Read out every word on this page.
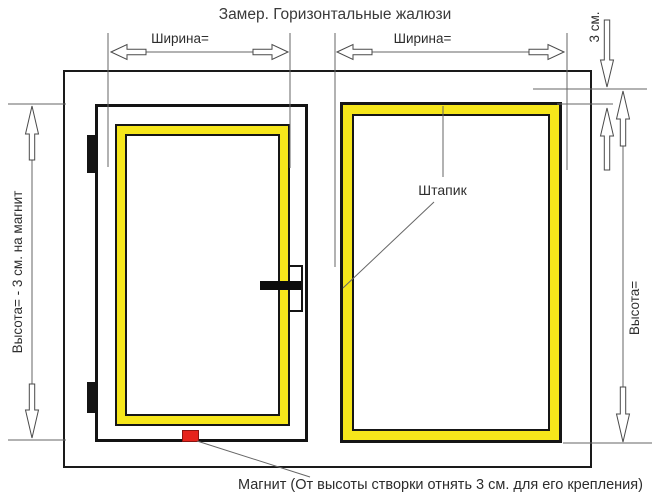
Замер. Горизонтальные жалюзи
Ширина=	Ширина=	3 см.
Высота= - 3 см. на магнит	Высота=
Штапик
Магнит (От высоты створки отнять 3 см. для его крепления)
